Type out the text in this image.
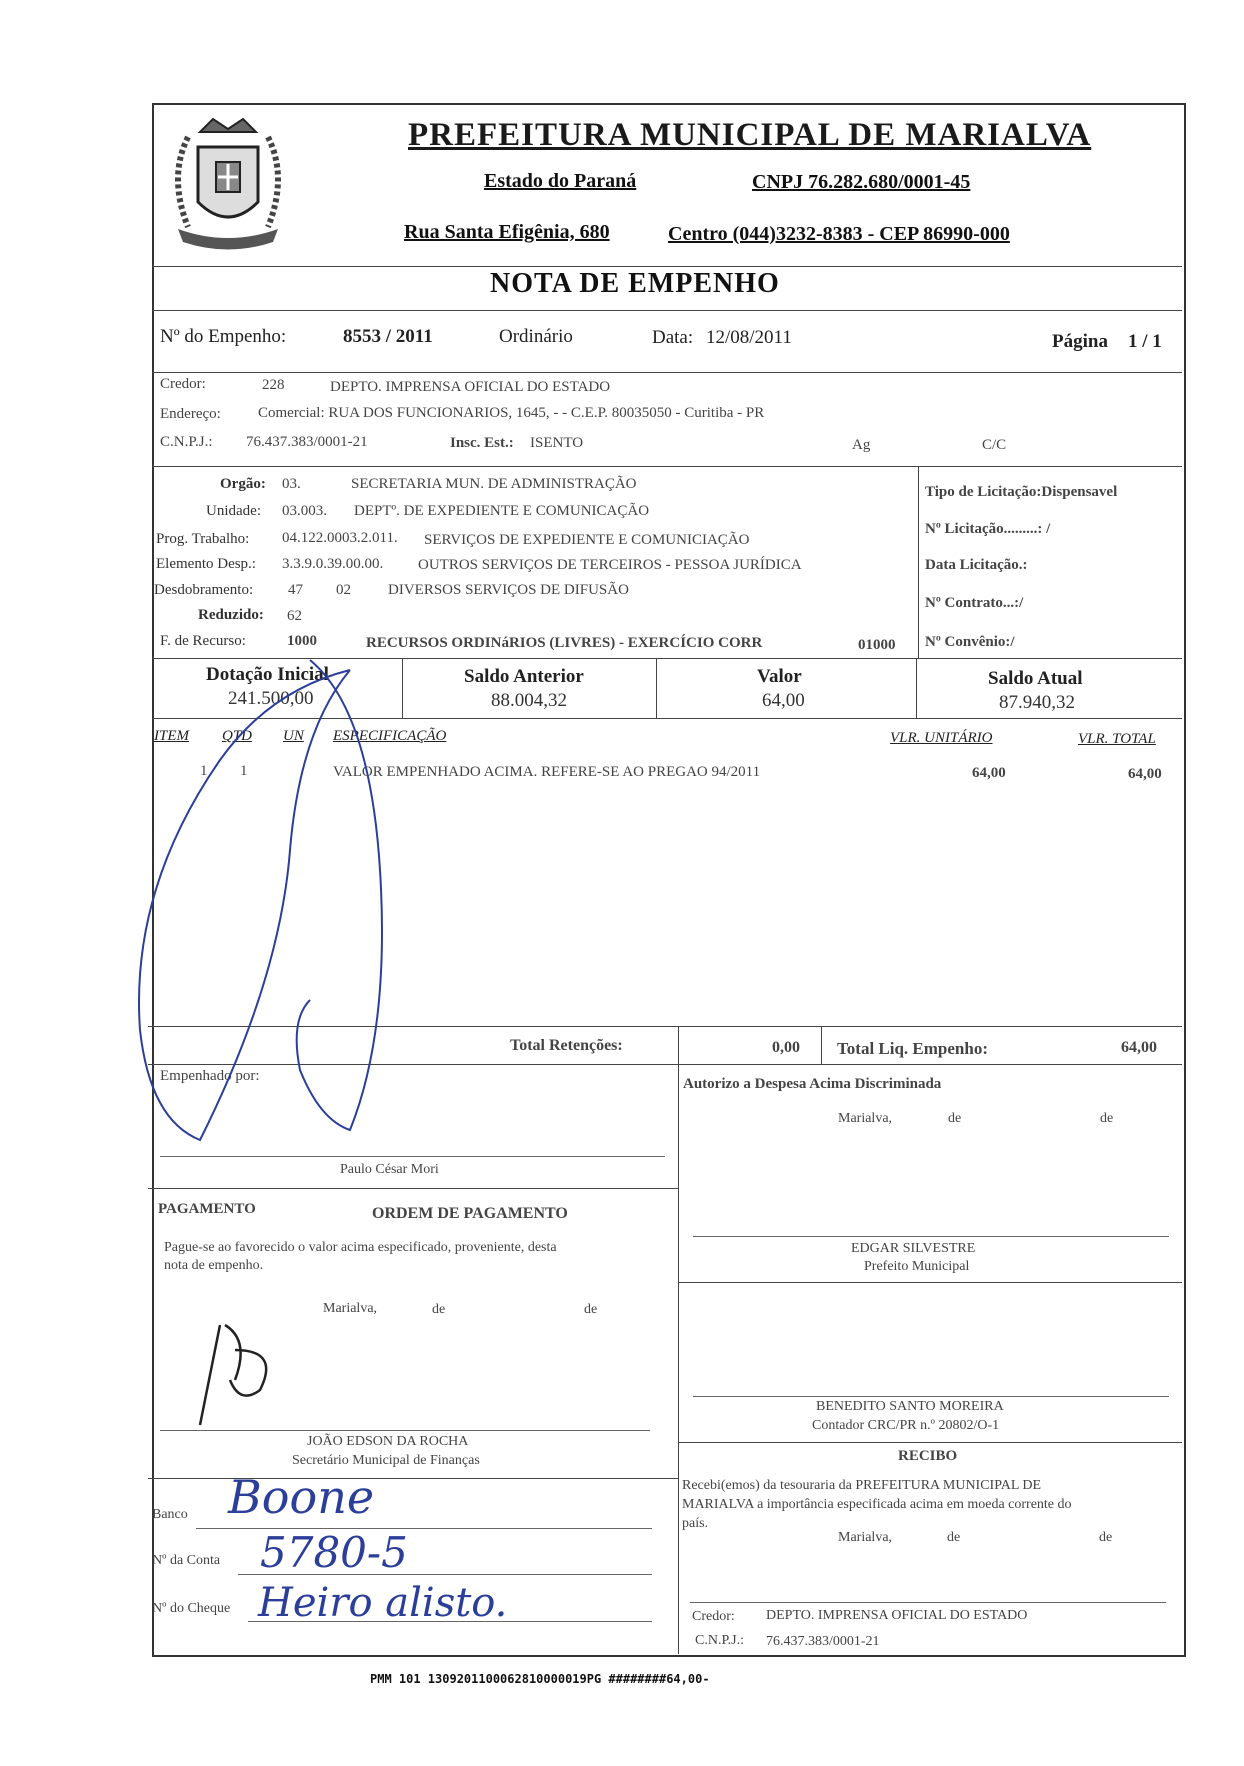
PREFEITURA MUNICIPAL DE MARIALVA
Estado do Paraná	CNPJ 76.282.680/0001-45
Rua Santa Efigênia, 680	Centro (044)3232-8383 - CEP 86990-000
NOTA DE EMPENHO
Nº do Empenho:	8553 / 2011	Ordinário	Data: 12/08/2011	Página 1 / 1
Credor:	228	DEPTO. IMPRENSA OFICIAL DO ESTADO
Endereço: Comercial: RUA DOS FUNCIONARIOS, 1645, - - C.E.P. 80035050 - Curitiba - PR
C.N.P.J.: 76.437.383/0001-21	Insc. Est.: ISENTO	Ag	C/C
Orgão: 03.	SECRETARIA MUN. DE ADMINISTRAÇÃO
Unidade: 03.003. DEPTº. DE EXPEDIENTE E COMUNICAÇÃO
Prog. Trabalho: 04.122.0003.2.011. SERVIÇOS DE EXPEDIENTE E COMUNICIAÇÃO
Elemento Desp.: 3.3.9.0.39.00.00. OUTROS SERVIÇOS DE TERCEIROS - PESSOA JURÍDICA
Desdobramento: 47 02 DIVERSOS SERVIÇOS DE DIFUSÃO
Reduzido: 62
F. de Recurso:	1000	RECURSOS ORDINáRIOS (LIVRES) - EXERCÍCIO CORR	01000
Tipo de Licitação:Dispensavel
Nº Licitação.........: /
Data Licitação.:
Nº Contrato...:/
Nº Convênio:/
Dotação Inicial
241.500,00
Saldo Anterior
88.004,32
Valor
64,00
Saldo Atual
87.940,32
ITEM QTD UN ESPECIFICAÇÃO	VLR. UNITÁRIO	VLR. TOTAL
1 1	VALOR EMPENHADO ACIMA. REFERE-SE AO PREGAO 94/2011	64,00	64,00
Total Retenções:	0,00 Total Liq. Empenho:	64,00
Empenhado por:
Paulo César Mori
Autorizo a Despesa Acima Discriminada
Marialva,	de	de
EDGAR SILVESTRE
Prefeito Municipal
PAGAMENTO	ORDEM DE PAGAMENTO
Pague-se ao favorecido o valor acima especificado, proveniente, desta
nota de empenho.
Marialva,	de	de
JOÃO EDSON DA ROCHA
Secretário Municipal de Finanças
BENEDITO SANTO MOREIRA
Contador CRC/PR n.º 20802/O-1
RECIBO
Recebi(emos) da tesouraria da PREFEITURA MUNICIPAL DE
MARIALVA a importância especificada acima em moeda corrente do
país.
Marialva,	de	de
Credor: DEPTO. IMPRENSA OFICIAL DO ESTADO
C.N.P.J.: 76.437.383/0001-21
Banco Boone
Nº da Conta 5780-5
Nº do Cheque Heiro alisto.
PMM 101 1309201100062810000019PG ########64,00-
